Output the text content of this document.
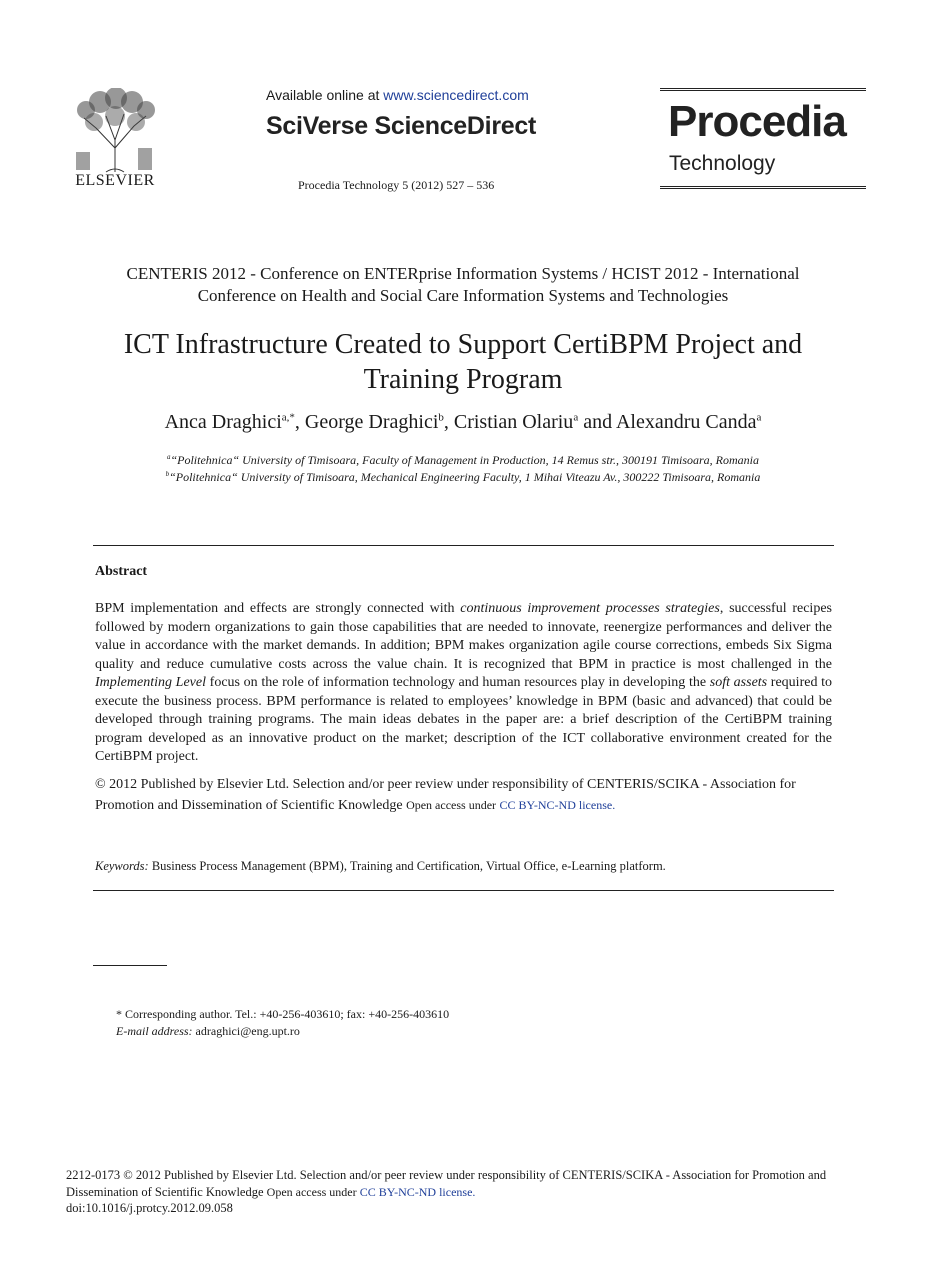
ELSEVIER
Available online at www.sciencedirect.com
SciVerse ScienceDirect
Procedia Technology 5 (2012) 527 – 536
Procedia
Technology
CENTERIS 2012 - Conference on ENTERprise Information Systems / HCIST 2012 - International
Conference on Health and Social Care Information Systems and Technologies
ICT Infrastructure Created to Support CertiBPM Project and
Training Program
Anca Draghici$^{a,*}$, George Draghici$^b$, Cristian Olariu$^a$ and Alexandru Canda$^a$
$^a$“Politehnica“ University of Timisoara, Faculty of Management in Production, 14 Remus str., 300191 Timisoara, Romania
$^b$“Politehnica“ University of Timisoara, Mechanical Engineering Faculty, 1 Mihai Viteazu Av., 300222 Timisoara, Romania
Abstract
BPM implementation and effects are strongly connected with continuous improvement processes strategies, successful recipes followed by modern organizations to gain those capabilities that are needed to innovate, reenergize performances and deliver the value in accordance with the market demands. In addition; BPM makes organization agile course corrections, embeds Six Sigma quality and reduce cumulative costs across the value chain. It is recognized that BPM in practice is most challenged in the Implementing Level focus on the role of information technology and human resources play in developing the soft assets required to execute the business process. BPM performance is related to employees’ knowledge in BPM (basic and advanced) that could be developed through training programs. The main ideas debates in the paper are: a brief description of the CertiBPM training program developed as an innovative product on the market; description of the ICT collaborative environment created for the CertiBPM project.
© 2012 Published by Elsevier Ltd. Selection and/or peer review under responsibility of CENTERIS/SCIKA - Association for Promotion and Dissemination of Scientific Knowledge Open access under CC BY-NC-ND license.
Keywords: Business Process Management (BPM), Training and Certification, Virtual Office, e-Learning platform.
* Corresponding author. Tel.: +40-256-403610; fax: +40-256-403610
E-mail address: adraghici@eng.upt.ro
2212-0173 © 2012 Published by Elsevier Ltd. Selection and/or peer review under responsibility of CENTERIS/SCIKA - Association for Promotion and Dissemination of Scientific Knowledge Open access under CC BY-NC-ND license.
doi:10.1016/j.protcy.2012.09.058
